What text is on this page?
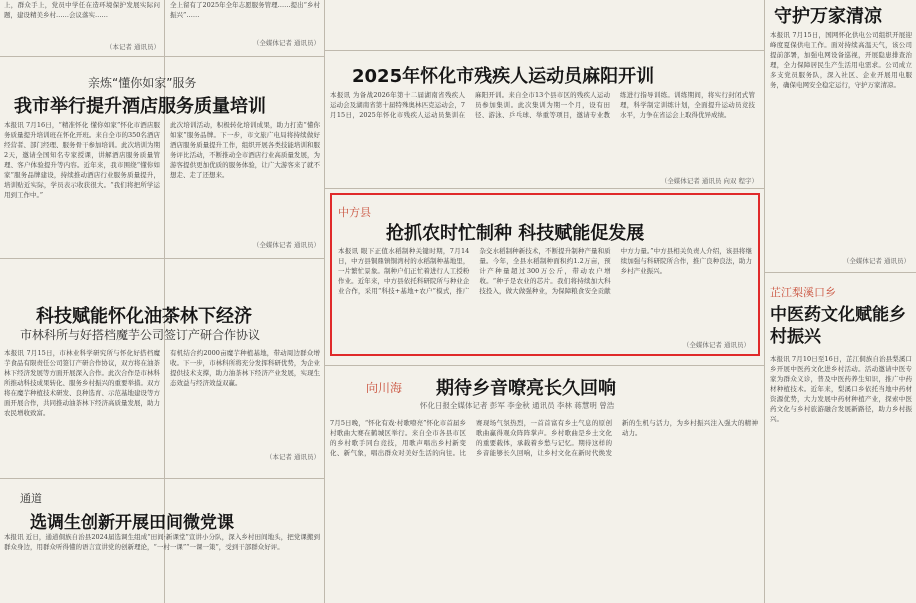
上，群众手上，党员中学任在造环境保护发展实际问题，建设精美乡村……会议落实……
（本记者 通讯员）
亲炼“懂你如家”服务
我市举行提升酒店服务质量培训
本报讯 7月16日，“精准怀化 懂你如家”怀化市酒店服务质量提升培训班在怀化开班。来自全市的350名酒店经营者、部门经理、服务骨干参加培训。此次培训为期2天，邀请全国知名专家授课，讲解酒店服务质量管理、客户体验提升等内容。近年来，我市围绕“懂你如家”服务品牌建设，持续推动酒店行业服务质量提升，培训贴近实际，学员表示收获很大。“我们将把所学运用到工作中。”
此次培训活动，积极转化培训成果，助力打造“懂你如家”服务品牌。下一步，市文旅广电局将持续做好酒店服务质量提升工作，组织开展各类技能培训和服务评比活动，不断推动全市酒店行业高质量发展，为游客提供更加优质的服务体验，让广大游客来了就不想走、走了还想来。
（全媒体记者 通讯员）
科技赋能怀化油茶林下经济
市林科所与好搭档魔芋公司签订产研合作协议
本报讯 7月15日，市林业科学研究所与怀化好搭档魔芋食品有限责任公司签订产研合作协议，双方将在油茶林下经济发展等方面开展深入合作。此次合作是市林科所推动科技成果转化、服务乡村振兴的重要举措。双方将在魔芋种植技术研发、良种选育、示范基地建设等方面开展合作，共同推动油茶林下经济高质量发展，助力农民增收致富。
有机结合约2000亩魔芋种植基地，带动周边群众增收。下一步，市林科所将充分发挥科研优势，为企业提供技术支撑，助力油茶林下经济产业发展，实现生态效益与经济效益双赢。
（本记者 通讯员）
通道
选调生创新开展田间微党课
本报讯 近日，通道侗族自治县2024届选调生组成“田间·新课堂”宣讲小分队，深入乡村田间地头，把党课搬到群众身边，用群众听得懂的语言宣讲党的创新理论，“一村一课”“一课一策”，受到干部群众好评。
全上留有了2025年全年志愿服务管理……提出“乡村振兴”……
（全媒体记者 通讯员）
2025年怀化市残疾人运动员麻阳开训
本报讯 为备战2026年第十二届湖南省残疾人运动会及湖南省第十届特殊奥林匹克运动会，7月15日，2025年怀化市残疾人运动员集训在麻阳开训。来自全市13个县市区的残疾人运动员参加集训。此次集训为期一个月，设有田径、游泳、乒乓球、举重等项目，邀请专业教练进行指导训练。训练期间，将实行封闭式管理，科学制定训练计划，全面提升运动员竞技水平，力争在省运会上取得优异成绩。
（全媒体记者 通讯员 向双 程宇）
中方县
抢抓农时忙制种 科技赋能促发展
本报讯 眼下正值水稻制种关键时期，7月14日，中方县铜鼎镇铜湾村的水稻制种基地里，一片繁忙景象。制种户们正忙着进行人工授粉作业。近年来，中方县依托科研院所与种业企业合作，采用“科技+基地+农户”模式，推广杂交水稻制种新技术，不断提升制种产量和质量。今年，全县水稻制种面积约1.2万亩，预计产种量超过300万公斤，带动农户增收。“种子是农业的芯片。我们将持续加大科技投入，做大做强种业，为保障粮食安全贡献中方力量。”中方县相关负责人介绍，该县将继续加强与科研院所合作，推广良种良法，助力乡村产业振兴。
（全媒体记者 通讯员）
向川海	期待乡音嘹亮长久回响
怀化日报全媒体记者 彭军 李金秋 通讯员 李林 蒋慧明 曾浩
7月5日晚，“怀化有戏·村歌嘹亮”怀化市首届乡村歌曲大赛在鹤城区举行。来自全市各县市区的乡村歌手同台竞技，用歌声唱出乡村新变化、新气象，唱出群众对美好生活的向往。比赛现场气氛热烈，一首首富有乡土气息的原创歌曲赢得观众阵阵掌声。乡村歌曲是乡土文化的重要载体，承载着乡愁与记忆。期待这样的乡音能够长久回响，让乡村文化在新时代焕发新的生机与活力，为乡村振兴注入强大的精神动力。
守护万家清凉
本报讯 7月15日，国网怀化供电公司组织开展迎峰度夏保供电工作。面对持续高温天气，该公司提前部署，加强电网设备巡视，开展隐患排查治理，全力保障居民生产生活用电需求。公司成立多支党员服务队，深入社区、企业开展用电服务，确保电网安全稳定运行，守护万家清凉。
（全媒体记者 通讯员）
芷江梨溪口乡
中医药文化赋能乡村振兴
本报讯 7月10日至16日，芷江侗族自治县梨溪口乡开展中医药文化进乡村活动。活动邀请中医专家为群众义诊，普及中医药养生知识，推广中药材种植技术。近年来，梨溪口乡依托当地中药材资源优势，大力发展中药材种植产业，探索中医药文化与乡村旅游融合发展新路径，助力乡村振兴。
